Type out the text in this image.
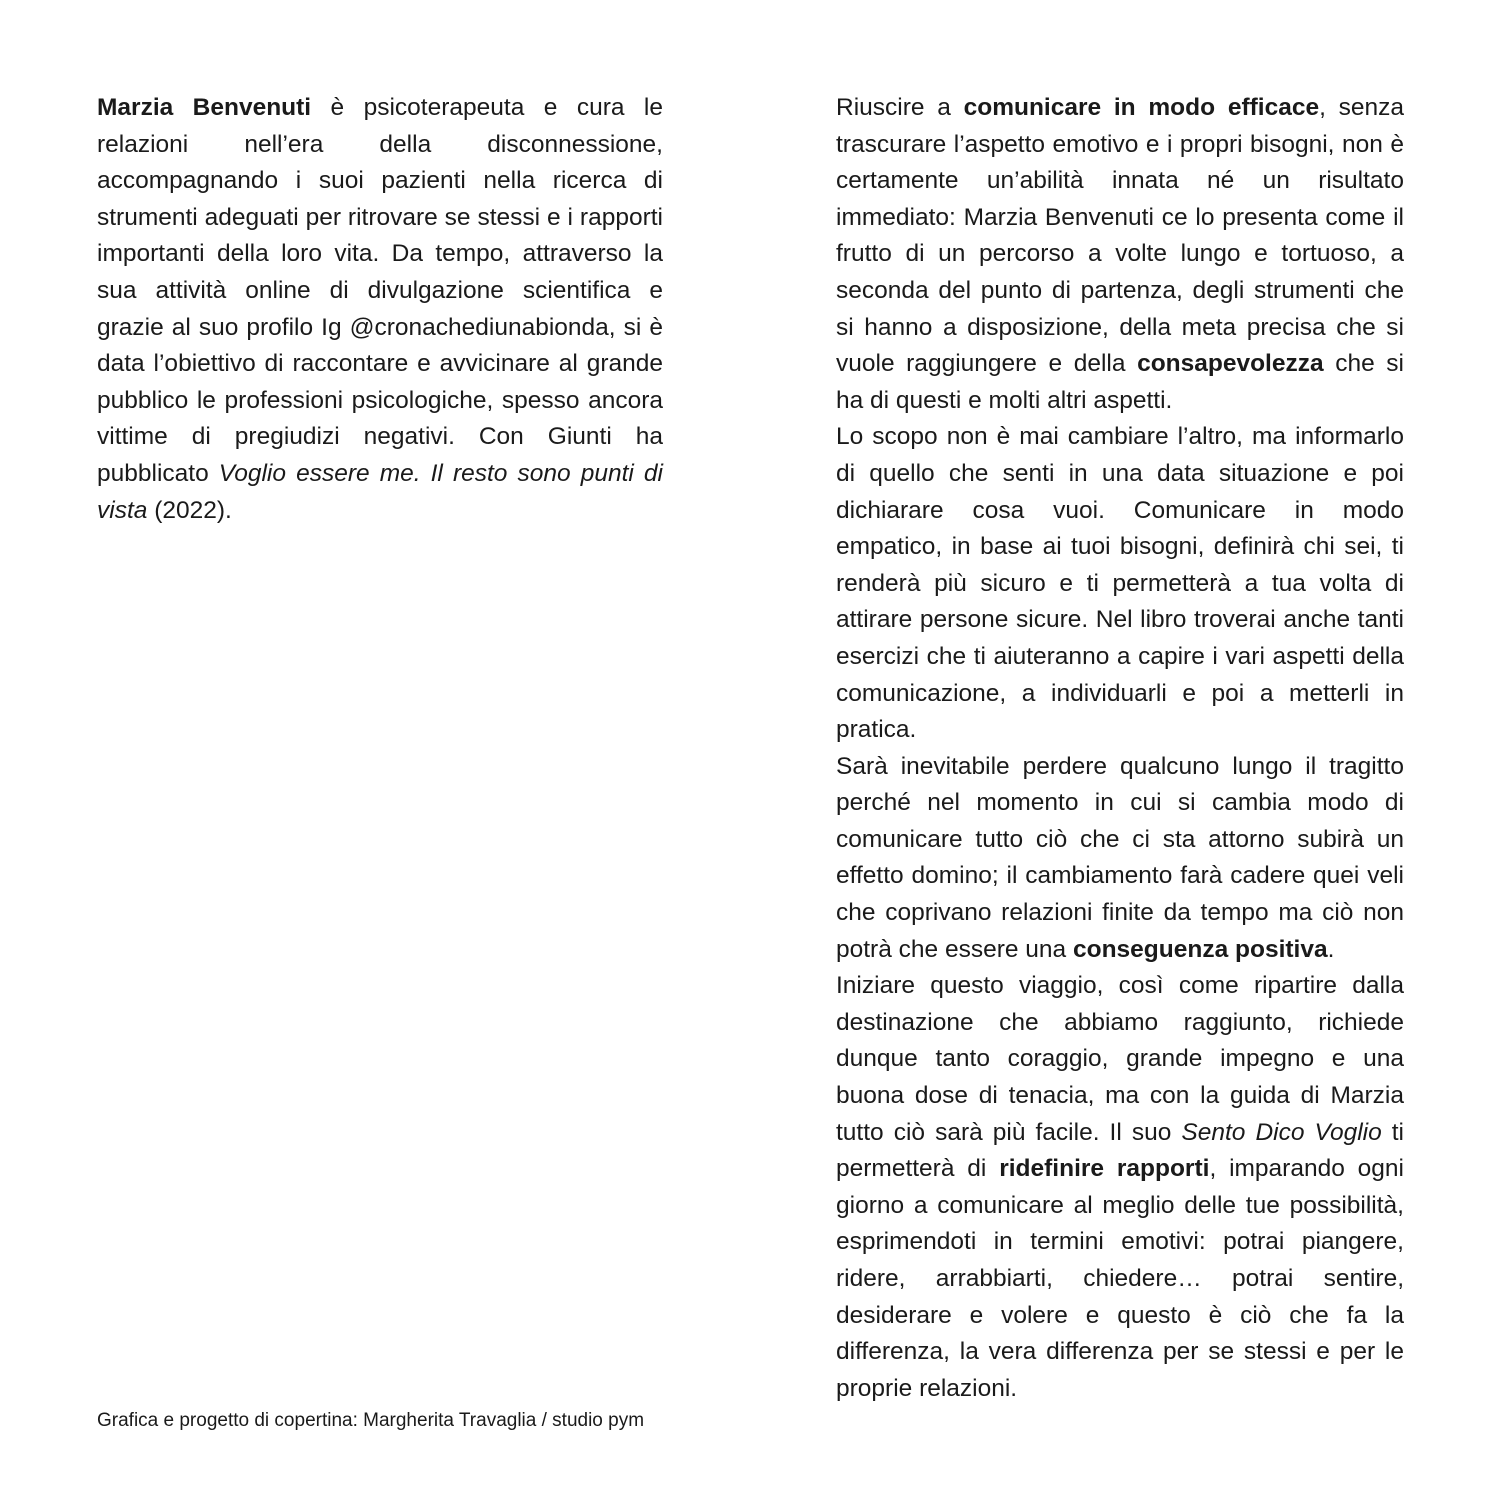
Marzia Benvenuti è psicoterapeuta e cura le relazioni nell’era della disconnessione, accompagnando i suoi pazienti nella ricerca di strumenti adeguati per ritrovare se stessi e i rapporti importanti della loro vita. Da tempo, attraverso la sua attività online di divulgazione scientifica e grazie al suo profilo Ig @cronachediunabionda, si è data l’obiettivo di raccontare e avvicinare al grande pubblico le professioni psicologiche, spesso ancora vittime di pregiudizi negativi. Con Giunti ha pubblicato Voglio essere me. Il resto sono punti di vista (2022).

Riuscire a comunicare in modo efficace, senza trascurare l’aspetto emotivo e i propri bisogni, non è certamente un’abilità innata né un risultato immediato: Marzia Benvenuti ce lo presenta come il frutto di un percorso a volte lungo e tortuoso, a seconda del punto di partenza, degli strumenti che si hanno a disposizione, della meta precisa che si vuole raggiungere e della consapevolezza che si ha di questi e molti altri aspetti.

Lo scopo non è mai cambiare l’altro, ma informarlo di quello che senti in una data situazione e poi dichiarare cosa vuoi. Comunicare in modo empatico, in base ai tuoi bisogni, definirà chi sei, ti renderà più sicuro e ti permetterà a tua volta di attirare persone sicure. Nel libro troverai anche tanti esercizi che ti aiuteranno a capire i vari aspetti della comunicazione, a individuarli e poi a metterli in pratica.

Sarà inevitabile perdere qualcuno lungo il tragitto perché nel momento in cui si cambia modo di comunicare tutto ciò che ci sta attorno subirà un effetto domino; il cambiamento farà cadere quei veli che coprivano relazioni finite da tempo ma ciò non potrà che essere una conseguenza positiva.

Iniziare questo viaggio, così come ripartire dalla destinazione che abbiamo raggiunto, richiede dunque tanto coraggio, grande impegno e una buona dose di tenacia, ma con la guida di Marzia tutto ciò sarà più facile. Il suo Sento Dico Voglio ti permetterà di ridefinire rapporti, imparando ogni giorno a comunicare al meglio delle tue possibilità, esprimendoti in termini emotivi: potrai piangere, ridere, arrabbiarti, chiedere… potrai sentire, desiderare e volere e questo è ciò che fa la differenza, la vera differenza per se stessi e per le proprie relazioni.

Grafica e progetto di copertina: Margherita Travaglia / studio pym
